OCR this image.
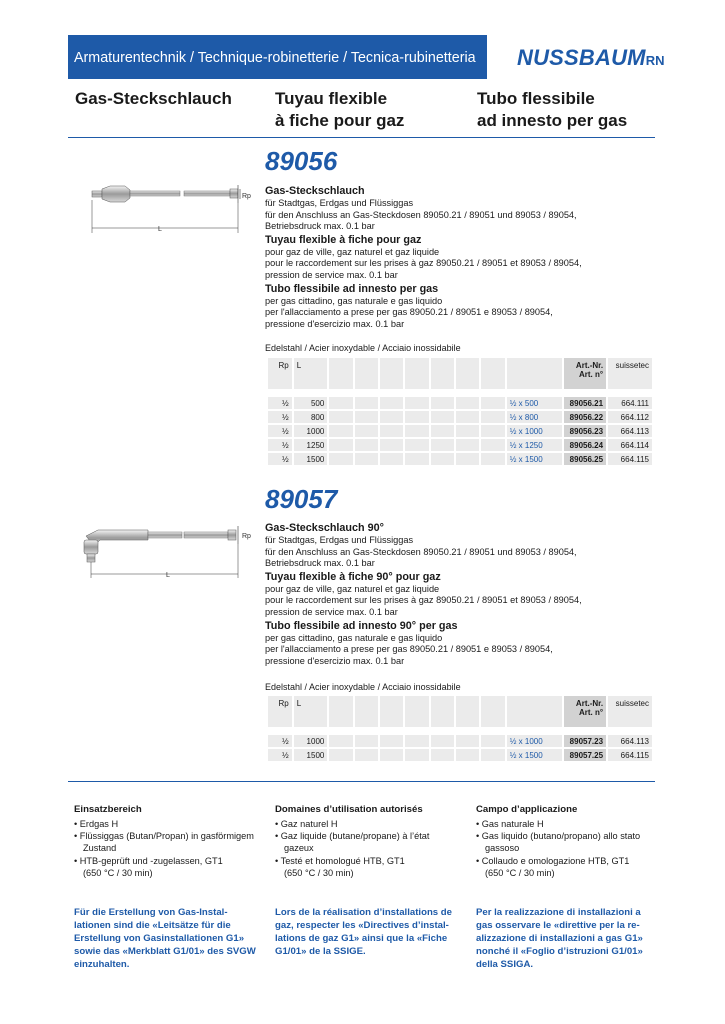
Armaturentechnik / Technique-robinetterie / Tecnica-rubinetteria NUSSBAUMRN
Gas-Steckschlauch	Tuyau flexible
à fiche pour gaz
Tubo flessibile
ad innesto per gas
89056
L
Rp Gas-Steckschlauch
für Stadtgas, Erdgas und Flüssiggas
für den Anschluss an Gas-Steckdosen 89050.21 / 89051 und 89053 / 89054,
Betriebsdruck max. 0.1 bar
Tuyau flexible à fiche pour gaz
pour gaz de ville, gaz naturel et gaz liquide
pour le raccordement sur les prises à gaz 89050.21 / 89051 et 89053 / 89054,
pression de service max. 0.1 bar
Tubo flessibile ad innesto per gas
per gas cittadino, gas naturale e gas liquido
per l'allacciamento a prese per gas 89050.21 / 89051 e 89053 / 89054,
pressione d'esercizio max. 0.1 bar
Edelstahl / Acier inoxydable / Acciaio inossidabile
Rp	L									Art.-Nr.
Art. n°	suissetec

½	500								½ x 500	89056.21	664.111
½	800								½ x 800	89056.22	664.112
½	1000								½ x 1000	89056.23	664.113
½	1250								½ x 1250	89056.24	664.114
½	1500								½ x 1500	89056.25	664.115
89057
L
Rp
Gas-Steckschlauch 90°
für Stadtgas, Erdgas und Flüssiggas
für den Anschluss an Gas-Steckdosen 89050.21 / 89051 und 89053 / 89054,
Betriebsdruck max. 0.1 bar
Tuyau flexible à fiche 90° pour gaz
pour gaz de ville, gaz naturel et gaz liquide
pour le raccordement sur les prises à gaz 89050.21 / 89051 et 89053 / 89054,
pression de service max. 0.1 bar
Tubo flessibile ad innesto 90° per gas
per gas cittadino, gas naturale e gas liquido
per l'allacciamento a prese per gas 89050.21 / 89051 e 89053 / 89054,
pressione d'esercizio max. 0.1 bar
Edelstahl / Acier inoxydable / Acciaio inossidabile
Rp	L									Art.-Nr.
Art. n°	suissetec

½	1000								½ x 1000	89057.23	664.113
½	1500								½ x 1500	89057.25	664.115
Einsatzbereich
• Erdgas H
• Flüssiggas (Butan/Propan) in gasförmigem
Zustand
• HTB-geprüft und -zugelassen, GT1
(650 °C / 30 min)
Domaines d’utilisation autorisés
• Gaz naturel H
• Gaz liquide (butane/propane) à l’état
gazeux
• Testé et homologué HTB, GT1
(650 °C / 30 min)
Campo d’applicazione
• Gas naturale H
• Gas liquido (butano/propano) allo stato
gassoso
• Collaudo e omologazione HTB, GT1
(650 °C / 30 min)
Für die Erstellung von Gas-Instal-
lationen sind die «Leitsätze für die
Erstellung von Gasinstallationen G1»
sowie das «Merkblatt G1/01» des SVGW
einzuhalten.
Lors de la réalisation d’installations de
gaz, respecter les «Directives d’instal-
lations de gaz G1» ainsi que la «Fiche
G1/01» de la SSIGE.
Per la realizzazione di installazioni a
gas osservare le «direttive per la re-
alizzazione di installazioni a gas G1»
nonché il «Foglio d’istruzioni G1/01»
della SSIGA.
